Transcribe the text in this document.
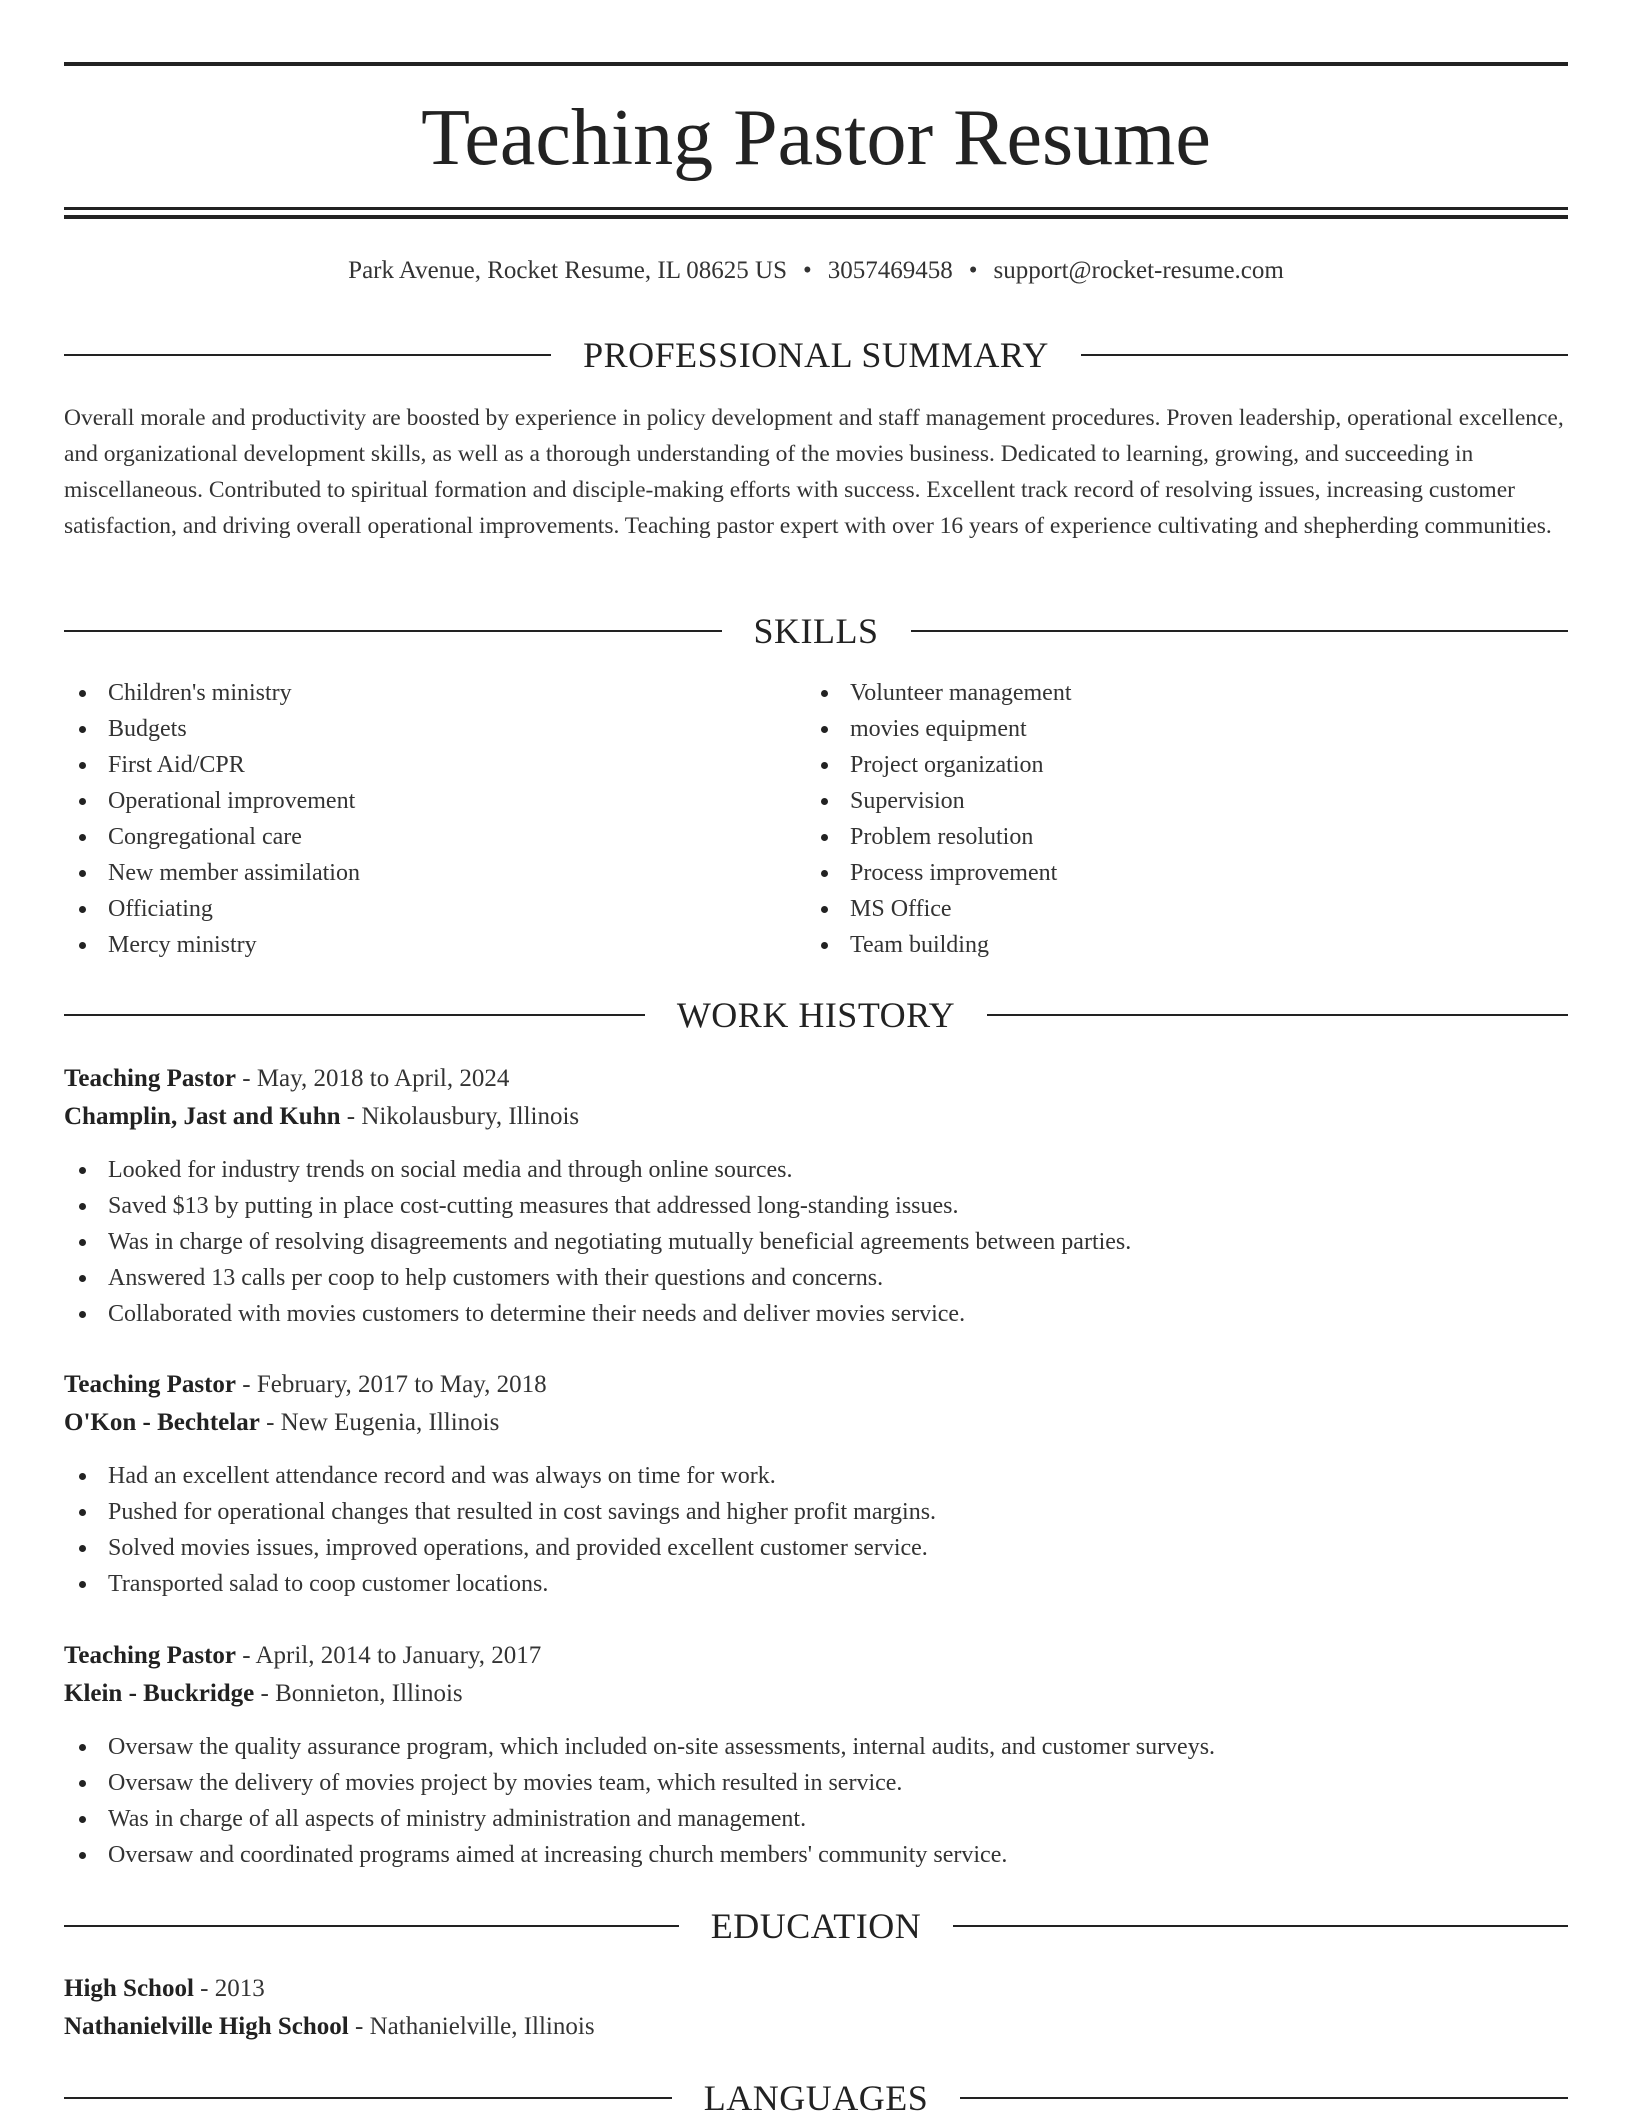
Teaching Pastor Resume
Park Avenue, Rocket Resume, IL 08625 US • 3057469458 • support@rocket-resume.com
PROFESSIONAL SUMMARY

Overall morale and productivity are boosted by experience in policy development and staff management procedures. Proven leadership, operational excellence, and organizational development skills, as well as a thorough understanding of the movies business. Dedicated to learning, growing, and succeeding in miscellaneous. Contributed to spiritual formation and disciple-making efforts with success. Excellent track record of resolving issues, increasing customer satisfaction, and driving overall operational improvements. Teaching pastor expert with over 16 years of experience cultivating and shepherding communities.

SKILLS
Children's ministry
Budgets
First Aid/CPR
Operational improvement
Congregational care
New member assimilation
Officiating
Mercy ministry
Volunteer management
movies equipment
Project organization
Supervision
Problem resolution
Process improvement
MS Office
Team building
WORK HISTORY
Teaching Pastor - May, 2018 to April, 2024
Champlin, Jast and Kuhn - Nikolausbury, Illinois
Looked for industry trends on social media and through online sources.
Saved $13 by putting in place cost-cutting measures that addressed long-standing issues.
Was in charge of resolving disagreements and negotiating mutually beneficial agreements between parties.
Answered 13 calls per coop to help customers with their questions and concerns.
Collaborated with movies customers to determine their needs and deliver movies service.
Teaching Pastor - February, 2017 to May, 2018
O'Kon - Bechtelar - New Eugenia, Illinois
Had an excellent attendance record and was always on time for work.
Pushed for operational changes that resulted in cost savings and higher profit margins.
Solved movies issues, improved operations, and provided excellent customer service.
Transported salad to coop customer locations.
Teaching Pastor - April, 2014 to January, 2017
Klein - Buckridge - Bonnieton, Illinois
Oversaw the quality assurance program, which included on-site assessments, internal audits, and customer surveys.
Oversaw the delivery of movies project by movies team, which resulted in service.
Was in charge of all aspects of ministry administration and management.
Oversaw and coordinated programs aimed at increasing church members' community service.
EDUCATION
High School - 2013
Nathanielville High School - Nathanielville, Illinois
LANGUAGES
